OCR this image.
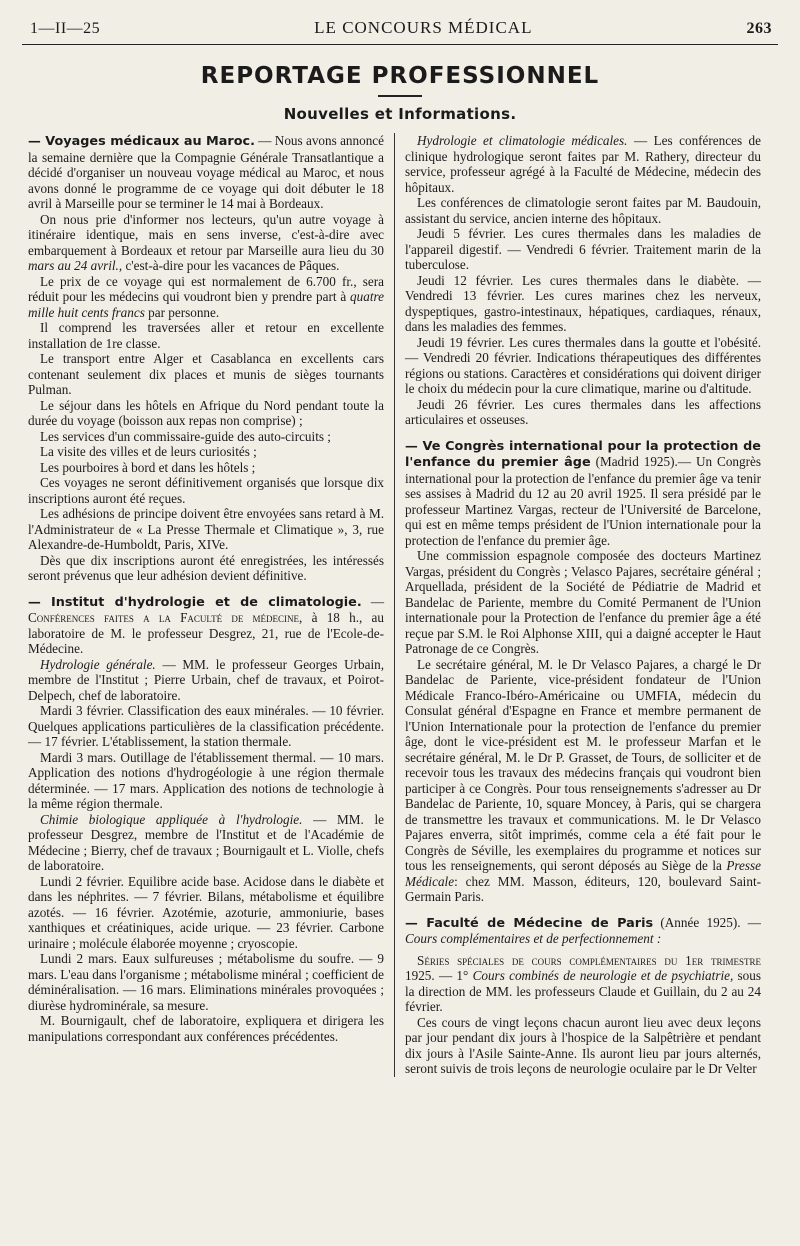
1—II—25	LE CONCOURS MÉDICAL	263
REPORTAGE PROFESSIONNEL
Nouvelles et Informations.

— Voyages médicaux au Maroc. — Nous avons annoncé la semaine dernière que la Compagnie Générale Transatlantique a décidé d'organiser un nouveau voyage médical au Maroc, et nous avons donné le programme de ce voyage qui doit débuter le 18 avril à Marseille pour se terminer le 14 mai à Bordeaux.

On nous prie d'informer nos lecteurs, qu'un autre voyage à itinéraire identique, mais en sens inverse, c'est-à-dire avec embarquement à Bordeaux et retour par Marseille aura lieu du 30 mars au 24 avril., c'est-à-dire pour les vacances de Pâques.

Le prix de ce voyage qui est normalement de 6.700 fr., sera réduit pour les médecins qui voudront bien y prendre part à quatre mille huit cents francs par personne.

Il comprend les traversées aller et retour en excellente installation de 1re classe.

Le transport entre Alger et Casablanca en excellents cars contenant seulement dix places et munis de sièges tournants Pulman.

Le séjour dans les hôtels en Afrique du Nord pendant toute la durée du voyage (boisson aux repas non comprise) ;

Les services d'un commissaire-guide des auto-circuits ;

La visite des villes et de leurs curiosités ;

Les pourboires à bord et dans les hôtels ;

Ces voyages ne seront définitivement organisés que lorsque dix inscriptions auront été reçues.

Les adhésions de principe doivent être envoyées sans retard à M. l'Administrateur de « La Presse Thermale et Climatique », 3, rue Alexandre-de-Humboldt, Paris, XIVe.

Dès que dix inscriptions auront été enregistrées, les intéressés seront prévenus que leur adhésion devient définitive.

— Institut d'hydrologie et de climatologie. — Conférences faites a la Faculté de médecine, à 18 h., au laboratoire de M. le professeur Desgrez, 21, rue de l'Ecole-de-Médecine.

Hydrologie générale. — MM. le professeur Georges Urbain, membre de l'Institut ; Pierre Urbain, chef de travaux, et Poirot-Delpech, chef de laboratoire.

Mardi 3 février. Classification des eaux minérales. — 10 février. Quelques applications particulières de la classification précédente.— 17 février. L'établissement, la station thermale.

Mardi 3 mars. Outillage de l'établissement thermal. — 10 mars. Application des notions d'hydrogéologie à une région thermale déterminée. — 17 mars. Application des notions de technologie à la même région thermale.

Chimie biologique appliquée à l'hydrologie. — MM. le professeur Desgrez, membre de l'Institut et de l'Académie de Médecine ; Bierry, chef de travaux ; Bournigault et L. Violle, chefs de laboratoire.

Lundi 2 février. Equilibre acide base. Acidose dans le diabète et dans les néphrites. — 7 février. Bilans, métabolisme et équilibre azotés. — 16 février. Azotémie, azoturie, ammoniurie, bases xanthiques et créatiniques, acide urique. — 23 février. Carbone urinaire ; molécule élaborée moyenne ; cryoscopie.

Lundi 2 mars. Eaux sulfureuses ; métabolisme du soufre. — 9 mars. L'eau dans l'organisme ; métabolisme minéral ; coefficient de déminéralisation. — 16 mars. Eliminations minérales provoquées ; diurèse hydrominérale, sa mesure.

M. Bournigault, chef de laboratoire, expliquera et dirigera les manipulations correspondant aux conférences précédentes.

Hydrologie et climatologie médicales. — Les conférences de clinique hydrologique seront faites par M. Rathery, directeur du service, professeur agrégé à la Faculté de Médecine, médecin des hôpitaux.

Les conférences de climatologie seront faites par M. Baudouin, assistant du service, ancien interne des hôpitaux.

Jeudi 5 février. Les cures thermales dans les maladies de l'appareil digestif. — Vendredi 6 février. Traitement marin de la tuberculose.

Jeudi 12 février. Les cures thermales dans le diabète. — Vendredi 13 février. Les cures marines chez les nerveux, dyspeptiques, gastro-intestinaux, hépatiques, cardiaques, rénaux, dans les maladies des femmes.

Jeudi 19 février. Les cures thermales dans la goutte et l'obésité. — Vendredi 20 février. Indications thérapeutiques des différentes régions ou stations. Caractères et considérations qui doivent diriger le choix du médecin pour la cure climatique, marine ou d'altitude.

Jeudi 26 février. Les cures thermales dans les affections articulaires et osseuses.

— Ve Congrès international pour la protection de l'enfance du premier âge (Madrid 1925).— Un Congrès international pour la protection de l'enfance du premier âge va tenir ses assises à Madrid du 12 au 20 avril 1925. Il sera présidé par le professeur Martinez Vargas, recteur de l'Université de Barcelone, qui est en même temps président de l'Union internationale pour la protection de l'enfance du premier âge.

Une commission espagnole composée des docteurs Martinez Vargas, président du Congrès ; Velasco Pajares, secrétaire général ; Arquellada, président de la Société de Pédiatrie de Madrid et Bandelac de Pariente, membre du Comité Permanent de l'Union internationale pour la Protection de l'enfance du premier âge a été reçue par S.M. le Roi Alphonse XIII, qui a daigné accepter le Haut Patronage de ce Congrès.

Le secrétaire général, M. le Dr Velasco Pajares, a chargé le Dr Bandelac de Pariente, vice-président fondateur de l'Union Médicale Franco-Ibéro-Américaine ou UMFIA, médecin du Consulat général d'Espagne en France et membre permanent de l'Union Internationale pour la protection de l'enfance du premier âge, dont le vice-président est M. le professeur Marfan et le secrétaire général, M. le Dr P. Grasset, de Tours, de solliciter et de recevoir tous les travaux des médecins français qui voudront bien participer à ce Congrès. Pour tous renseignements s'adresser au Dr Bandelac de Pariente, 10, square Moncey, à Paris, qui se chargera de transmettre les travaux et communications. M. le Dr Velasco Pajares enverra, sitôt imprimés, comme cela a été fait pour le Congrès de Séville, les exemplaires du programme et notices sur tous les renseignements, qui seront déposés au Siège de la Presse Médicale: chez MM. Masson, éditeurs, 120, boulevard Saint-Germain Paris.

— Faculté de Médecine de Paris (Année 1925). — Cours complémentaires et de perfectionnement :

Séries spéciales de cours complémentaires du 1er trimestre 1925. — 1° Cours combinés de neurologie et de psychiatrie, sous la direction de MM. les professeurs Claude et Guillain, du 2 au 24 février.

Ces cours de vingt leçons chacun auront lieu avec deux leçons par jour pendant dix jours à l'hospice de la Salpêtrière et pendant dix jours à l'Asile Sainte-Anne. Ils auront lieu par jours alternés, seront suivis de trois leçons de neurologie oculaire par le Dr Velter
